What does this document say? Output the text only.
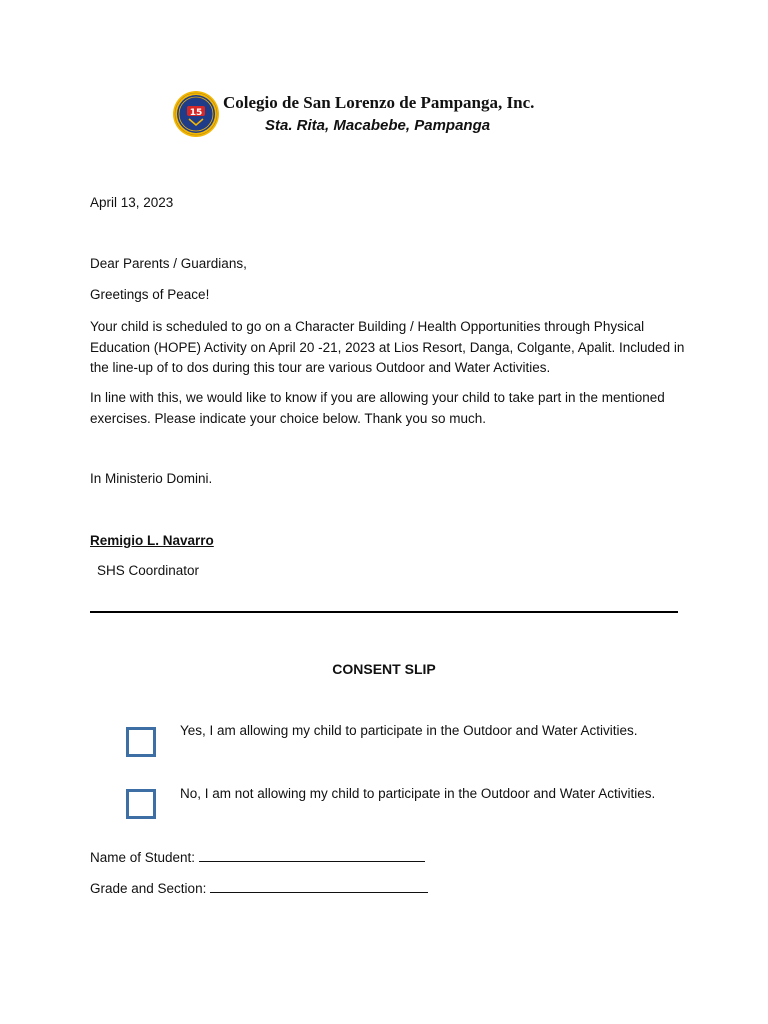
15
Colegio de San Lorenzo de Pampanga, Inc.
Sta. Rita, Macabebe, Pampanga
April 13, 2023
Dear Parents / Guardians,
Greetings of Peace!
Your child is scheduled to go on a Character Building / Health Opportunities through Physical Education (HOPE) Activity on April 20 -21, 2023 at Lios Resort, Danga, Colgante, Apalit. Included in the line-up of to dos during this tour are various Outdoor and Water Activities.
In line with this, we would like to know if you are allowing your child to take part in the mentioned exercises. Please indicate your choice below. Thank you so much.
In Ministerio Domini.
Remigio L. Navarro
SHS Coordinator
CONSENT SLIP
Yes, I am allowing my child to participate in the Outdoor and Water Activities.
No, I am not allowing my child to participate in the Outdoor and Water Activities.
Name of Student:
Grade and Section:
